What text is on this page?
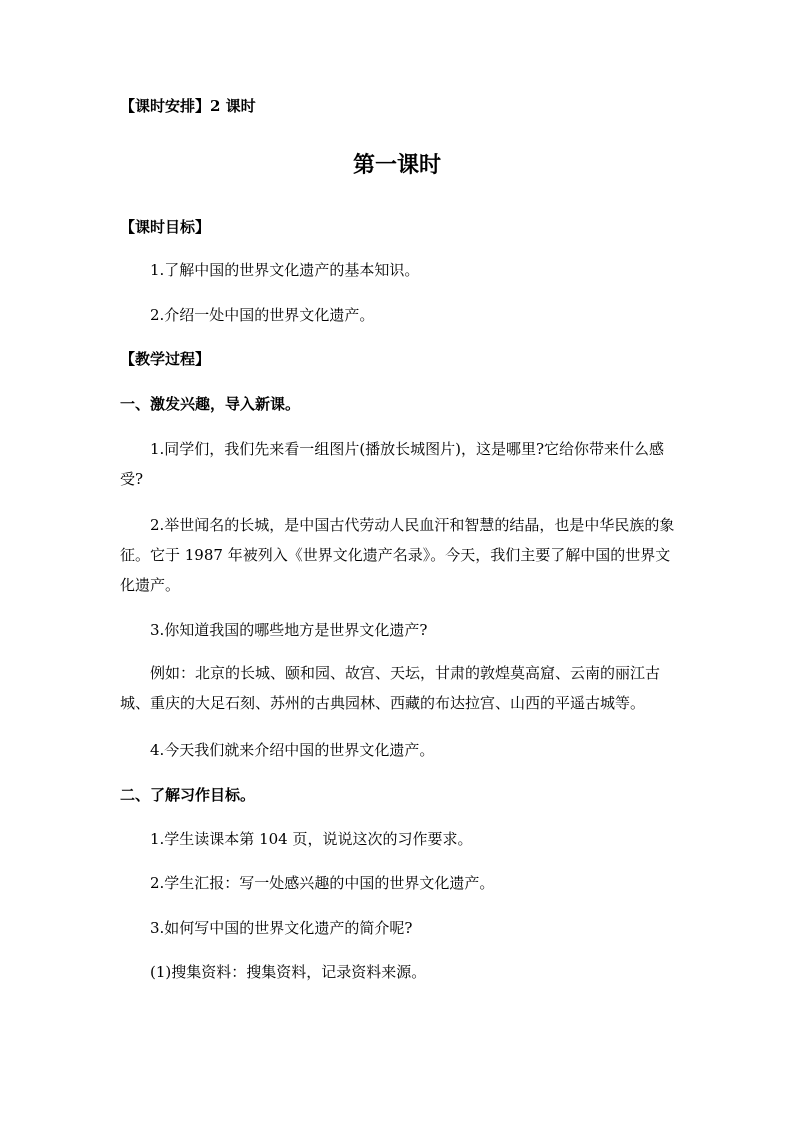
【课时安排】2 课时
第一课时
【课时目标】
1.了解中国的世界文化遗产的基本知识。
2.介绍一处中国的世界文化遗产。
【教学过程】
一、激发兴趣，导入新课。
1.同学们，我们先来看一组图片(播放长城图片)，这是哪里?它给你带来什么感受?
2.举世闻名的长城，是中国古代劳动人民血汗和智慧的结晶，也是中华民族的象征。它于 1987 年被列入《世界文化遗产名录》。今天，我们主要了解中国的世界文化遗产。
3.你知道我国的哪些地方是世界文化遗产?
例如：北京的长城、颐和园、故宫、天坛，甘肃的敦煌莫高窟、云南的丽江古城、重庆的大足石刻、苏州的古典园林、西藏的布达拉宫、山西的平遥古城等。
4.今天我们就来介绍中国的世界文化遗产。
二、了解习作目标。
1.学生读课本第 104 页，说说这次的习作要求。
2.学生汇报：写一处感兴趣的中国的世界文化遗产。
3.如何写中国的世界文化遗产的简介呢?
(1)搜集资料：搜集资料，记录资料来源。
